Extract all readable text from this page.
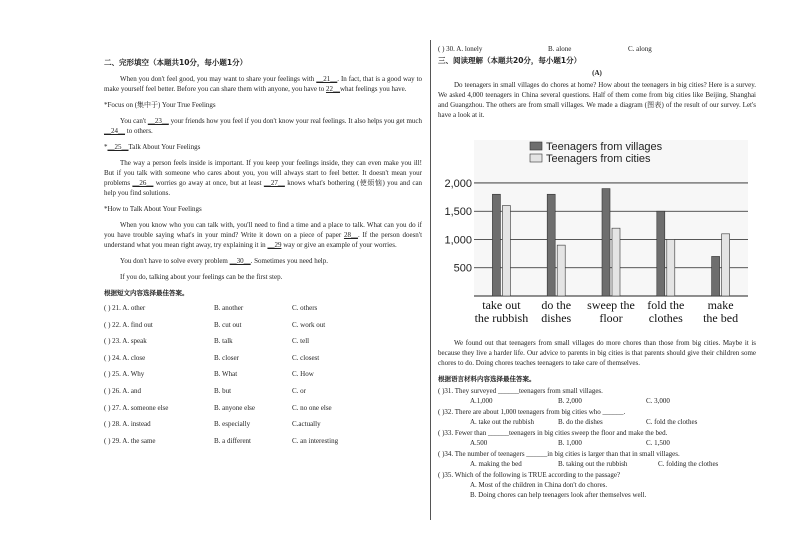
二、完形填空（本题共10分，每小题1分）

When you don't feel good, you may want to share your feelings with __21__. In fact, that is a good way to make yourself feel better. Before you can share them with anyone, you have to 22__what feelings you have.

*Focus on (集中于) Your True Feelings

You can't __23__ your friends how you feel if you don't know your real feelings. It also helps you get much __24__ to others.

*__25__Talk About Your Feelings

The way a person feels inside is important. If you keep your feelings inside, they can even make you ill! But if you talk with someone who cares about you, you will always start to feel better. It doesn't mean your problems __26__ worries go away at once, but at least __27__ knows what's bothering (使烦恼) you and can help you find solutions.

*How to Talk About Your Feelings

When you know who you can talk with, you'll need to find a time and a place to talk. What can you do if you have trouble saying what's in your mind? Write it down on a piece of paper 28__. If the person doesn't understand what you mean right away, try explaining it in __29 way or give an example of your worries.

You don't have to solve every problem __30__. Sometimes you need help.

If you do, talking about your feelings can be the first step.

根据短文内容选择最佳答案。
( ) 21. A. other	B. another	C. others
( ) 22. A. find out	B. cut out	C. work out
( ) 23. A. speak	B. talk	C. tell
( ) 24. A. close	B. closer	C. closest
( ) 25. A. Why	B. What	C. How
( ) 26. A. and	B. but	C. or
( ) 27. A. someone else	B. anyone else	C. no one else
( ) 28. A. instead	B. especially	C.actually
( ) 29. A. the same	B. a different	C. an interesting
( ) 30. A. lonely	B. alone	C. along
三、阅读理解（本题共20分，每小题1分）
(A)

Do teenagers in small villages do chores at home? How about the teenagers in big cities? Here is a survey. We asked 4,000 teenagers in China several questions. Half of them come from big cities like Beijing, Shanghai and Guangzhou. The others are from small villages. We made a diagram (图表) of the result of our survey. Let's have a look at it.

500
1,000
1,500
2,000
Teenagers from villages
Teenagers from cities
take out
the rubbish
do the
dishes
sweep the
floor
fold the
clothes
make
the bed

We found out that teenagers from small villages do more chores than those from big cities. Maybe it is because they live a harder life. Our advice to parents in big cities is that parents should give their children some chores to do. Doing chores teaches teenagers to take care of themselves.

根据语言材料内容选择最佳答案。

( )31. They surveyed ______teenagers from small villages.

A.1,000	B. 2,000	C. 3,000

( )32. There are about 1,000 teenagers from big cities who ______.

A. take out the rubbish	B. do the dishes	C. fold the clothes

( )33. Fewer than ______teenagers in big cities sweep the floor and make the bed.

A.500	B. 1,000	C. 1,500

( )34. The number of teenagers ______in big cities is larger than that in small villages.

A. making the bed	B. taking out the rubbish	C. folding the clothes

( )35. Which of the following is TRUE according to the passage?

A. Most of the children in China don't do chores.

B. Doing chores can help teenagers look after themselves well.
